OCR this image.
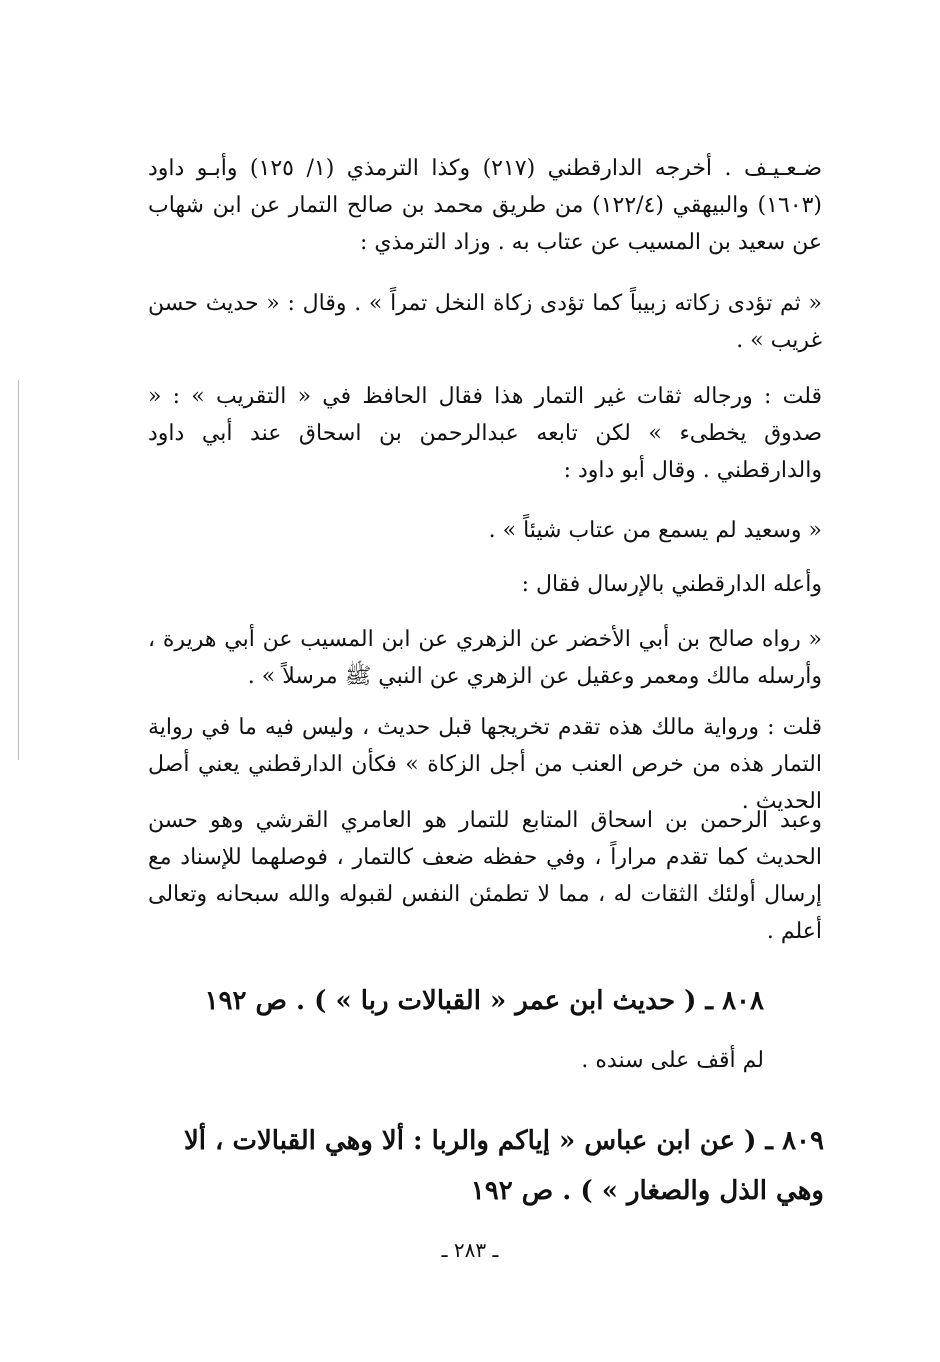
ضـعـيـف . أخرجه الدارقطني (٢١٧) وكذا الترمذي (١/ ١٢٥) وأبـو داود (١٦٠٣) والبيهقي (١٢٢/٤) من طريق محمد بن صالح التمار عن ابن شهاب عن سعيد بن المسيب عن عتاب به . وزاد الترمذي :

« ثم تؤدى زكاته زبيباً كما تؤدى زكاة النخل تمراً » . وقال : « حديث حسن غريب » .

قلت : ورجاله ثقات غير التمار هذا فقال الحافظ في « التقريب » : « صدوق يخطىء » لكن تابعه عبدالرحمن بن اسحاق عند أبي داود والدارقطني . وقال أبو داود :

« وسعيد لم يسمع من عتاب شيئاً » .
وأعله الدارقطني بالإرسال فقال :

« رواه صالح بن أبي الأخضر عن الزهري عن ابن المسيب عن أبي هريرة ، وأرسله مالك ومعمر وعقيل عن الزهري عن النبي ﷺ مرسلاً » .

قلت : ورواية مالك هذه تقدم تخريجها قبل حديث ، وليس فيه ما في رواية التمار هذه من خرص العنب من أجل الزكاة » فكأن الدارقطني يعني أصل الحديث .

وعبد الرحمن بن اسحاق المتابع للتمار هو العامري القرشي وهو حسن الحديث كما تقدم مراراً ، وفي حفظه ضعف كالتمار ، فوصلهما للإسناد مع إرسال أولئك الثقات له ، مما لا تطمئن النفس لقبوله والله سبحانه وتعالى أعلم .

٨٠٨ ـ ( حديث ابن عمر « القبالات ربا » ) . ص ١٩٢
لم أقف على سنده .
٨٠٩ ـ ( عن ابن عباس « إياكم والربا : ألا وهي القبالات ، ألا وهي الذل والصغار » ) . ص ١٩٢
ـ ٢٨٣ ـ
